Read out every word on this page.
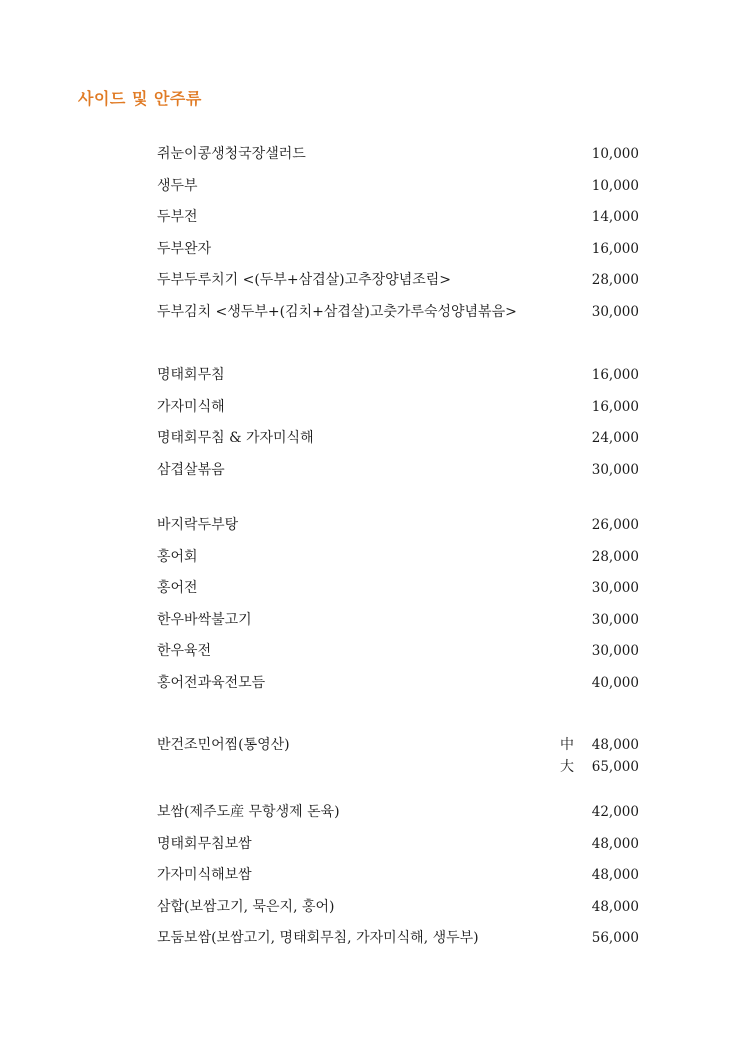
사이드 및 안주류
쥐눈이콩생청국장샐러드	10,000
생두부	10,000
두부전	14,000
두부완자	16,000
두부두루치기 <(두부+삼겹살)고추장양념조림>	28,000
두부김치 <생두부+(김치+삼겹살)고춧가루숙성양념볶음>	30,000
명태회무침	16,000
가자미식해	16,000
명태회무침 & 가자미식해	24,000
삼겹살볶음	30,000
바지락두부탕	26,000
홍어회	28,000
홍어전	30,000
한우바싹불고기	30,000
한우육전	30,000
홍어전과육전모듬	40,000
반건조민어찜(통영산)	中 48,000
大 65,000
보쌈(제주도産 무항생제 돈육)	42,000
명태회무침보쌈	48,000
가자미식해보쌈	48,000
삼합(보쌈고기, 묵은지, 홍어)	48,000
모둠보쌈(보쌈고기, 명태회무침, 가자미식해, 생두부)	56,000
